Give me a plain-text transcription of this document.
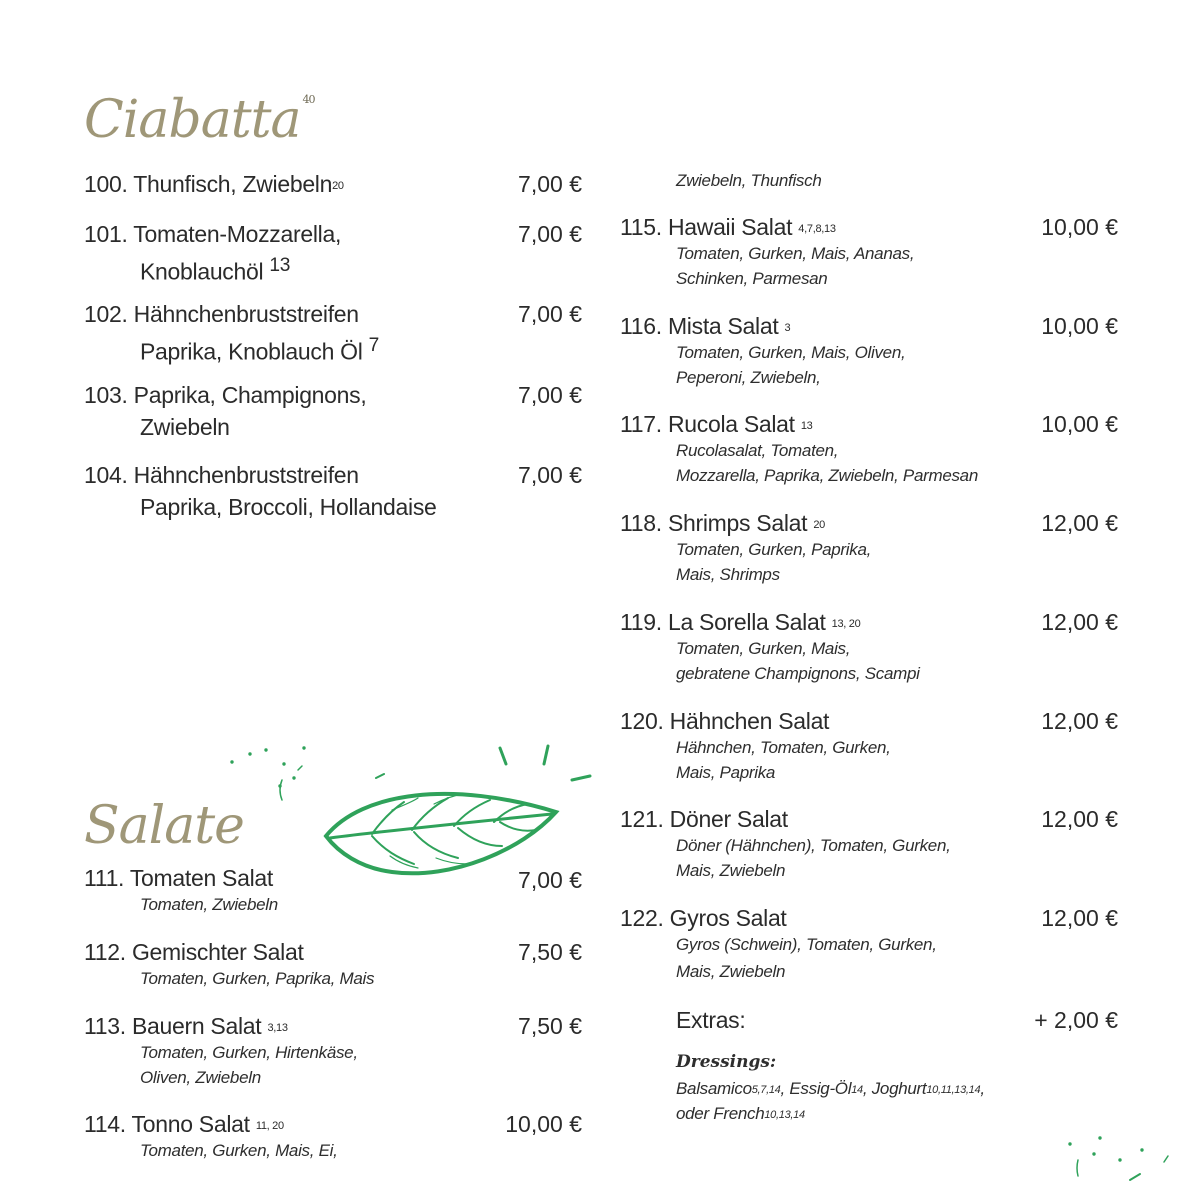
Ciabatta $^{40}$
100. Thunfisch, Zwiebeln$^{20}$	7,00 €
101. Tomaten-Mozzarella,
Knoblauchöl $^{13}$
7,00 €
102. Hähnchenbruststreifen
Paprika, Knoblauch Öl $^7$
7,00 €
103. Paprika, Champignons,
Zwiebeln
7,00 €
104. Hähnchenbruststreifen
Paprika, Broccoli, Hollandaise
7,00 €
Salate
111. Tomaten Salat
Tomaten, Zwiebeln
7,00 €
112. Gemischter Salat
Tomaten, Gurken, Paprika, Mais
7,50 €
113. Bauern Salat $^{3,13}$
Tomaten, Gurken, Hirtenkäse,
Oliven, Zwiebeln
7,50 €
114. Tonno Salat $^{11, 20}$
Tomaten, Gurken, Mais, Ei,
10,00 €
Zwiebeln, Thunfisch
115. Hawaii Salat $^{4,7,8,13}$
Tomaten, Gurken, Mais, Ananas,
Schinken, Parmesan
10,00 €
116. Mista Salat $^3$
Tomaten, Gurken, Mais, Oliven,
Peperoni, Zwiebeln,
10,00 €
117. Rucola Salat $^{13}$
Rucolasalat, Tomaten,
Mozzarella, Paprika, Zwiebeln, Parmesan
10,00 €
118. Shrimps Salat $^{20}$
Tomaten, Gurken, Paprika,
Mais, Shrimps
12,00 €
119. La Sorella Salat $^{13, 20}$
Tomaten, Gurken, Mais,
gebratene Champignons, Scampi
12,00 €
120. Hähnchen Salat
Hähnchen, Tomaten, Gurken,
Mais, Paprika
12,00 €
121. Döner Salat
Döner (Hähnchen), Tomaten, Gurken,
Mais, Zwiebeln
12,00 €
122. Gyros Salat
Gyros (Schwein), Tomaten, Gurken,
Mais, Zwiebeln
12,00 €
Extras:	+ 2,00 €
Dressings:
Balsamico$^{5,7,14}$, Essig-$Öl^{14}$, Joghurt$^{10,11,13,14}$,
oder French$^{10,13,14}$
